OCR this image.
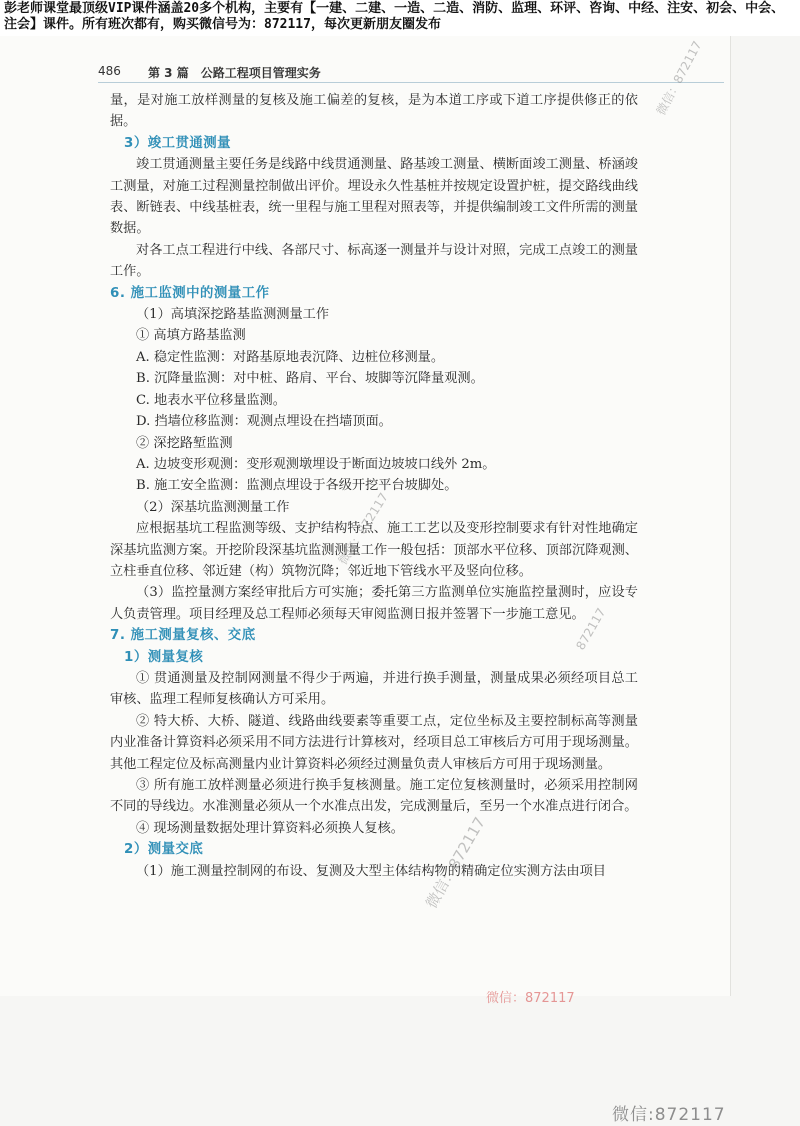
彭老师课堂最顶级VIP课件涵盖20多个机构，主要有【一建、二建、一造、二造、消防、监理、环评、咨询、中经、注安、初会、中会、注会】课件。所有班次都有，购买微信号为：872117，每次更新朋友圈发布
486 第 3 篇　公路工程项目管理实务

量，是对施工放样测量的复核及施工偏差的复核，是为本道工序或下道工序提供修正的依据。

3）竣工贯通测量

竣工贯通测量主要任务是线路中线贯通测量、路基竣工测量、横断面竣工测量、桥涵竣工测量，对施工过程测量控制做出评价。埋设永久性基桩并按规定设置护桩，提交路线曲线表、断链表、中线基桩表，统一里程与施工里程对照表等，并提供编制竣工文件所需的测量数据。

对各工点工程进行中线、各部尺寸、标高逐一测量并与设计对照，完成工点竣工的测量工作。

6. 施工监测中的测量工作

（1）高填深挖路基监测测量工作

① 高填方路基监测

A. 稳定性监测：对路基原地表沉降、边桩位移测量。

B. 沉降量监测：对中桩、路肩、平台、坡脚等沉降量观测。

C. 地表水平位移量监测。

D. 挡墙位移监测：观测点埋设在挡墙顶面。

② 深挖路堑监测

A. 边坡变形观测：变形观测墩埋设于断面边坡坡口线外 2m。

B. 施工安全监测：监测点埋设于各级开挖平台坡脚处。

（2）深基坑监测测量工作

应根据基坑工程监测等级、支护结构特点、施工工艺以及变形控制要求有针对性地确定深基坑监测方案。开挖阶段深基坑监测测量工作一般包括：顶部水平位移、顶部沉降观测、立柱垂直位移、邻近建（构）筑物沉降；邻近地下管线水平及竖向位移。

（3）监控量测方案经审批后方可实施；委托第三方监测单位实施监控量测时，应设专人负责管理。项目经理及总工程师必须每天审阅监测日报并签署下一步施工意见。

7. 施工测量复核、交底

1）测量复核

① 贯通测量及控制网测量不得少于两遍，并进行换手测量，测量成果必须经项目总工审核、监理工程师复核确认方可采用。

② 特大桥、大桥、隧道、线路曲线要素等重要工点，定位坐标及主要控制标高等测量内业准备计算资料必须采用不同方法进行计算核对，经项目总工审核后方可用于现场测量。其他工程定位及标高测量内业计算资料必须经过测量负责人审核后方可用于现场测量。

③ 所有施工放样测量必须进行换手复核测量。施工定位复核测量时，必须采用控制网不同的导线边。水准测量必须从一个水准点出发，完成测量后，至另一个水准点进行闭合。

④ 现场测量数据处理计算资料必须换人复核。

2）测量交底

（1）施工测量控制网的布设、复测及大型主体结构物的精确定位实测方法由项目

微信：872117
微信：872117
872117
微信：872117
微信：872117
微信:872117
